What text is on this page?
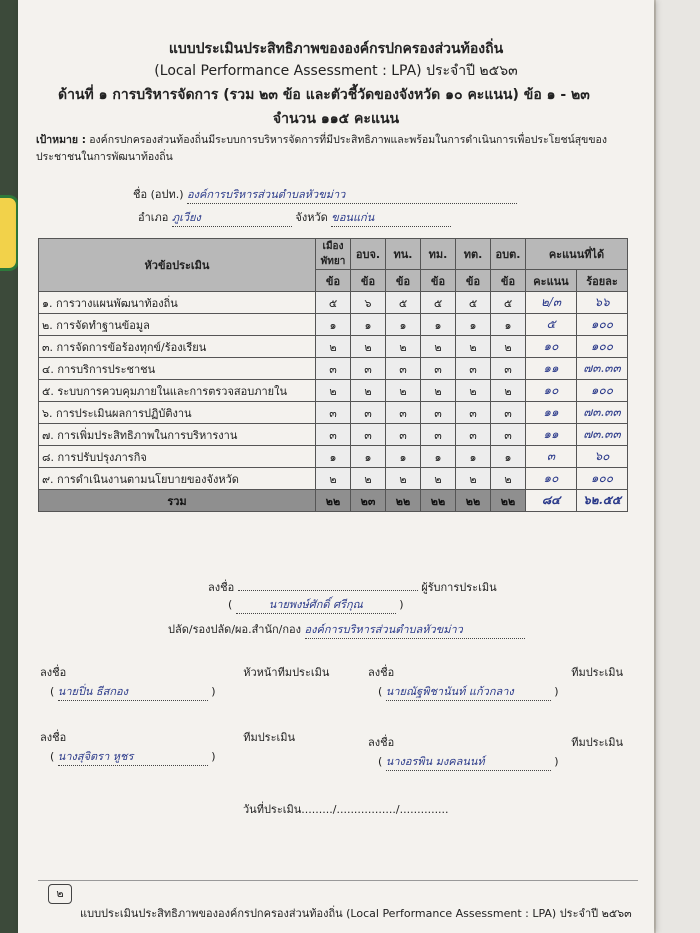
แบบประเมินประสิทธิภาพขององค์กรปกครองส่วนท้องถิ่น
(Local Performance Assessment : LPA) ประจำปี ๒๕๖๓
ด้านที่ ๑ การบริหารจัดการ (รวม ๒๓ ข้อ และตัวชี้วัดของจังหวัด ๑๐ คะแนน) ข้อ ๑ - ๒๓
จำนวน ๑๑๕ คะแนน
เป้าหมาย : องค์กรปกครองส่วนท้องถิ่นมีระบบการบริหารจัดการที่มีประสิทธิภาพและพร้อมในการดำเนินการเพื่อประโยชน์สุขของประชาชนในการพัฒนาท้องถิ่น
ชื่อ (อปท.) องค์การบริหารส่วนตำบลหัวขม่าว
อำเภอ ภูเวียง	จังหวัด ขอนแก่น
หัวข้อประเมิน	เมืองพัทยา	อบจ.	ทน.	ทม.	ทต.	อบต.	คะแนนที่ได้	
	ข้อ	ข้อ	ข้อ	ข้อ	ข้อ	ข้อ	คะแนน	ร้อยละ
๑. การวางแผนพัฒนาท้องถิ่น	๕	๖	๕	๕	๕	๕	๒/๓	๖๖
๒. การจัดทำฐานข้อมูล	๑	๑	๑	๑	๑	๑	๕	๑๐๐
๓. การจัดการข้อร้องทุกข์/ร้องเรียน	๒	๒	๒	๒	๒	๒	๑๐	๑๐๐
๔. การบริการประชาชน	๓	๓	๓	๓	๓	๓	๑๑	๗๓.๓๓
๕. ระบบการควบคุมภายในและการตรวจสอบภายใน	๒	๒	๒	๒	๒	๒	๑๐	๑๐๐
๖. การประเมินผลการปฏิบัติงาน	๓	๓	๓	๓	๓	๓	๑๑	๗๓.๓๓
๗. การเพิ่มประสิทธิภาพในการบริหารงาน	๓	๓	๓	๓	๓	๓	๑๑	๗๓.๓๓
๘. การปรับปรุงภารกิจ	๑	๑	๑	๑	๑	๑	๓	๖๐
๙. การดำเนินงานตามนโยบายของจังหวัด	๒	๒	๒	๒	๒	๒	๑๐	๑๐๐
รวม	๒๒	๒๓	๒๒	๒๒	๒๒	๒๒	๘๔	๖๒.๕๕
ลงชื่อ	ผู้รับการประเมิน
(	นายพงษ์ศักดิ์ ศรีกุณ	)
ปลัด/รองปลัด/ผอ.สำนัก/กอง องค์การบริหารส่วนตำบลหัวขม่าว
ลงชื่อ	หัวหน้าทีมประเมิน
( นายปิ่น ธีสกอง	)
ลงชื่อ	ทีมประเมิน
( นายณัฐพิชานันท์ แก้วกลาง	)
ลงชื่อ	ทีมประเมิน
( นางสุจิตรา หูชร	)
ลงชื่อ	ทีมประเมิน
( นางอรพิน มงคลนนท์	)
วันที่ประเมิน........./................./..............
๒
แบบประเมินประสิทธิภาพขององค์กรปกครองส่วนท้องถิ่น (Local Performance Assessment : LPA) ประจำปี ๒๕๖๓
